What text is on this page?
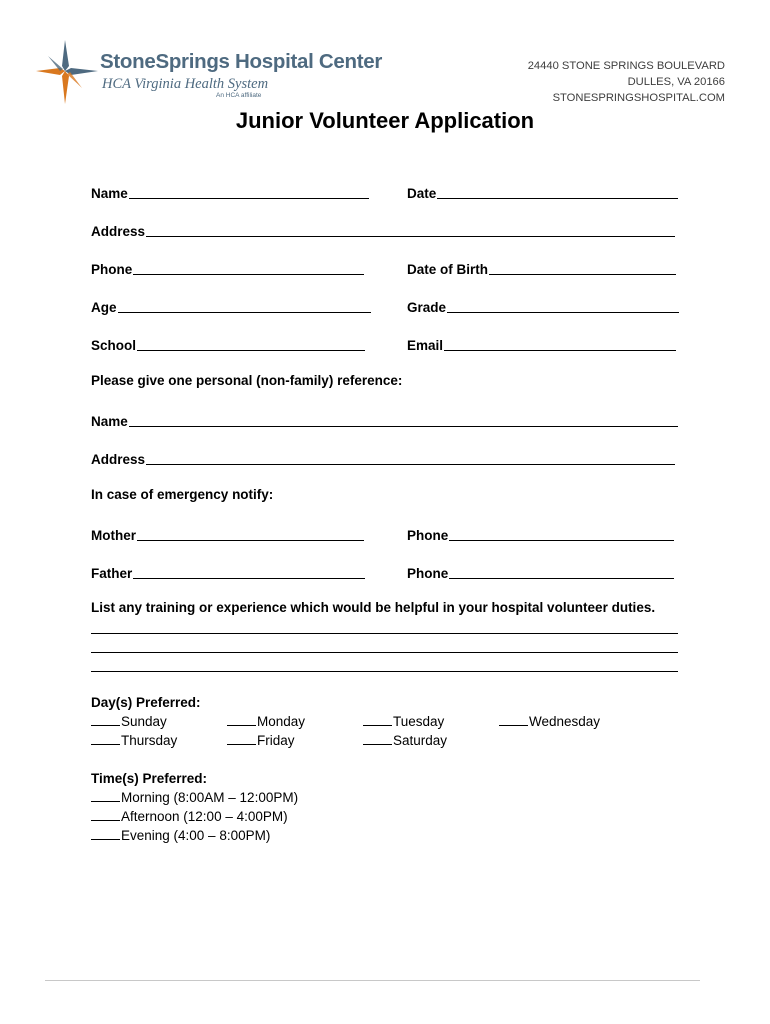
StoneSprings Hospital Center
HCA Virginia Health System
An HCA affiliate
24440 STONE SPRINGS BOULEVARD
DULLES, VA 20166
STONESPRINGSHOSPITAL.COM
Junior Volunteer Application
Name	Date
Address
Phone	Date of Birth
Age	Grade
School	Email
Please give one personal (non-family) reference:
Name
Address
In case of emergency notify:
Mother	Phone
Father	Phone
List any training or experience which would be helpful in your hospital volunteer duties.
Day(s) Preferred:
Sunday	Monday	Tuesday	Wednesday
Thursday	Friday	Saturday
Time(s) Preferred:
Morning (8:00AM – 12:00PM)
Afternoon (12:00 – 4:00PM)
Evening (4:00 – 8:00PM)
